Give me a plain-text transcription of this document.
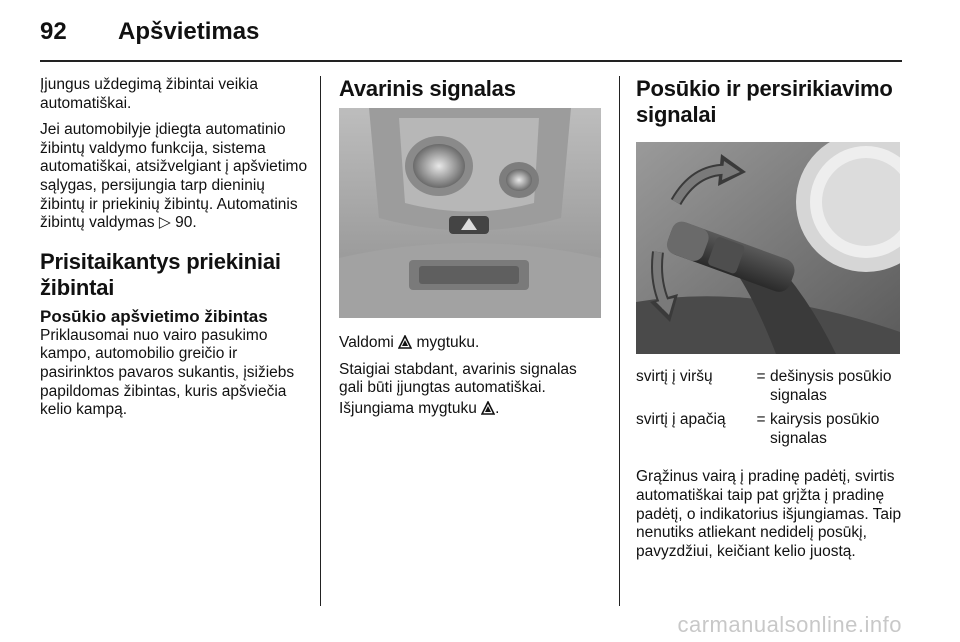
92 Apšvietimas

Įjungus uždegimą žibintai veikia automatiškai.

Jei automobilyje įdiegta automatinio žibintų valdymo funkcija, sistema automatiškai, atsižvelgiant į apšvietimo sąlygas, persijungia tarp dieninių žibintų ir priekinių žibintų. Automatinis žibintų valdymas ▷ 90.

Prisitaikantys priekiniai žibintai
Posūkio apšvietimo žibintas

Priklausomai nuo vairo pasukimo kampo, automobilio greičio ir pasirinktos pavaros sukantis, įsižiebs papildomas žibintas, kuris apšviečia kelio kampą.

Avarinis signalas

Valdomi  mygtuku.

Staigiai stabdant, avarinis signalas gali būti įjungtas automatiškai.

Išjungiama mygtuku .

Posūkio ir persirikiavimo signalai
svirtį į viršų	=	dešinysis posūkio signalas
svirtį į apačią	=	kairysis posūkio signalas

Grąžinus vairą į pradinę padėtį, svirtis automatiškai taip pat grįžta į pradinę padėtį, o indikatorius išjungiamas. Taip nenutiks atliekant nedidelį posūkį, pavyzdžiui, keičiant kelio juostą.

carmanualsonline.info
